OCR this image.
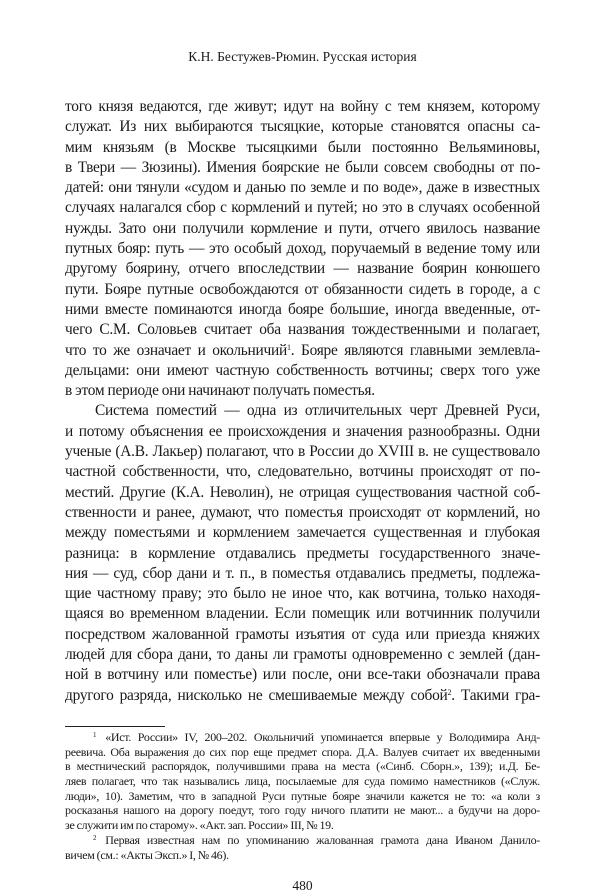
К.Н. Бестужев-Рюмин. Русская история
того князя ведаются, где живут; идут на войну с тем князем, которому
служат. Из них выбираются тысяцкие, которые становятся опасны са-
мим князьям (в Москве тысяцкими были постоянно Вельяминовы,
в Твери — Зюзины). Имения боярские не были совсем свободны от по-
датей: они тянули «судом и данью по земле и по воде», даже в известных
случаях налагался сбор с кормлений и путей; но это в случаях особенной
нужды. Зато они получили кормление и пути, отчего явилось название
путных бояр: путь — это особый доход, поручаемый в ведение тому или
другому боярину, отчего впоследствии — название боярин конюшего
пути. Бояре путные освобождаются от обязанности сидеть в городе, а с
ними вместе поминаются иногда бояре большие, иногда введенные, от-
чего С.М. Соловьев считает оба названия тождественными и полагает,
что то же означает и окольничий$^1$. Бояре являются главными землевла-
дельцами: они имеют частную собственность вотчины; сверх того уже
в этом периоде они начинают получать поместья.
Система поместий — одна из отличительных черт Древней Руси,
и потому объяснения ее происхождения и значения разнообразны. Одни
ученые (А.В. Лакьер) полагают, что в России до XVIII в. не существовало
частной собственности, что, следовательно, вотчины происходят от по-
местий. Другие (К.А. Неволин), не отрицая существования частной соб-
ственности и ранее, думают, что поместья происходят от кормлений, но
между поместьями и кормлением замечается существенная и глубокая
разница: в кормление отдавались предметы государственного значе-
ния — суд, сбор дани и т. п., в поместья отдавались предметы, подлежа-
щие частному праву; это было не иное что, как вотчина, только находя-
щаяся во временном владении. Если помещик или вотчинник получили
посредством жалованной грамоты изъятия от суда или приезда княжих
людей для сбора дани, то даны ли грамоты одновременно с землей (дан-
ной в вотчину или поместье) или после, они все-таки обозначали права
другого разряда, нисколько не смешиваемые между собой$^2$. Такими гра-
$^1$ «Ист. России» IV, 200–202. Окольничий упоминается впервые у Володимира Анд-
реевича. Оба выражения до сих пор еще предмет спора. Д.А. Валуев считает их введенными
в местнический распорядок, получившими права на места («Синб. Сборн.», 139); и.Д. Бе-
ляев полагает, что так назывались лица, посылаемые для суда помимо наместников («Служ.
люди», 10). Заметим, что в западной Руси путные бояре значили кажется не то: «а коли з
росказанья нашого на дорогу поедут, того году ничого платити не мают... а будучи на доро-
зе служити им по старому». «Акт. зап. России» III, № 19.
$^2$ Первая известная нам по упоминанию жалованная грамота дана Иваном Данило-
вичем (см.: «Акты Эксп.» I, № 46).
480
